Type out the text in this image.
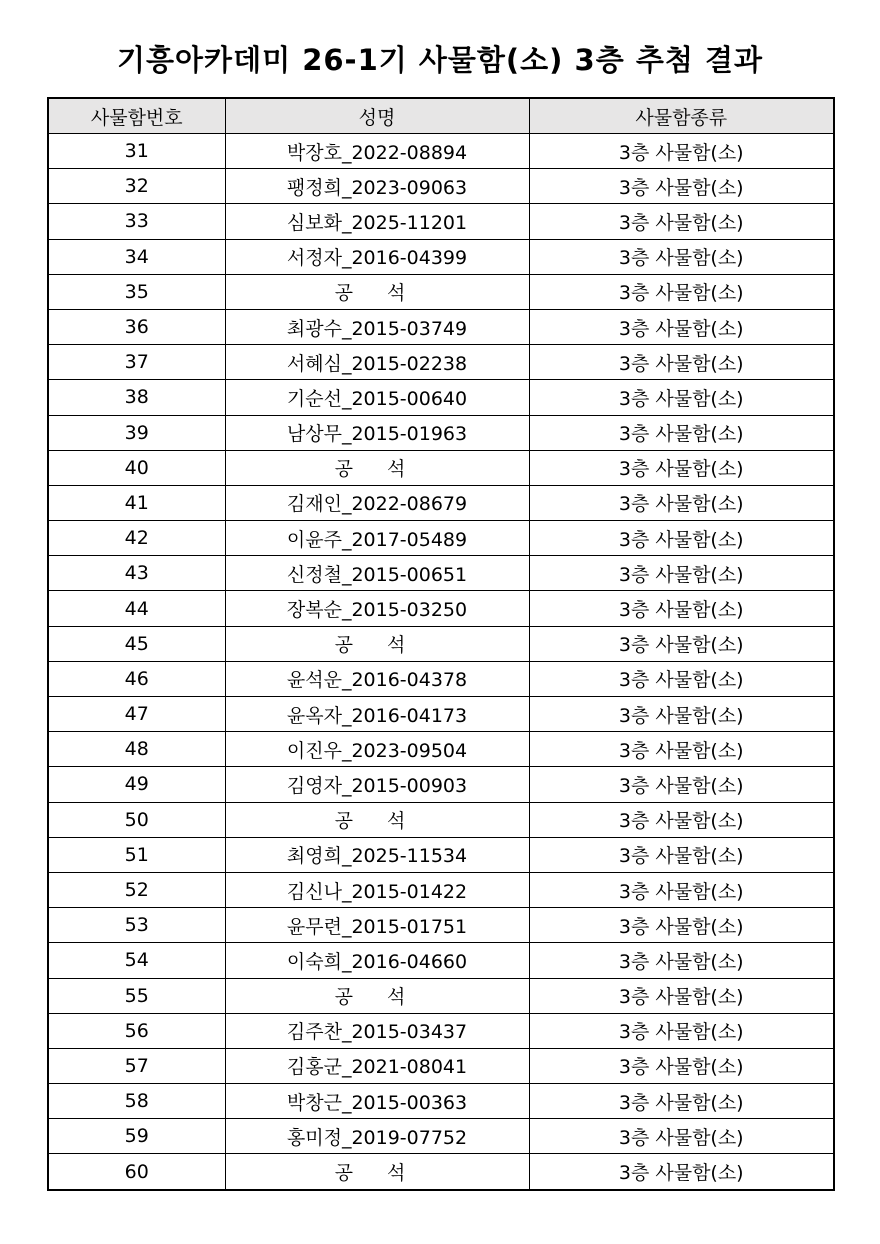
기흥아카데미 26-1기 사물함(소) 3층 추첨 결과
사물함번호	성명	사물함종류
31	박장호_2022-08894	3층 사물함(소)
32	팽정희_2023-09063	3층 사물함(소)
33	심보화_2025-11201	3층 사물함(소)
34	서정자_2016-04399	3층 사물함(소)
35	공 석	3층 사물함(소)
36	최광수_2015-03749	3층 사물함(소)
37	서혜심_2015-02238	3층 사물함(소)
38	기순선_2015-00640	3층 사물함(소)
39	남상무_2015-01963	3층 사물함(소)
40	공 석	3층 사물함(소)
41	김재인_2022-08679	3층 사물함(소)
42	이윤주_2017-05489	3층 사물함(소)
43	신정철_2015-00651	3층 사물함(소)
44	장복순_2015-03250	3층 사물함(소)
45	공 석	3층 사물함(소)
46	윤석운_2016-04378	3층 사물함(소)
47	윤옥자_2016-04173	3층 사물함(소)
48	이진우_2023-09504	3층 사물함(소)
49	김영자_2015-00903	3층 사물함(소)
50	공 석	3층 사물함(소)
51	최영희_2025-11534	3층 사물함(소)
52	김신나_2015-01422	3층 사물함(소)
53	윤무련_2015-01751	3층 사물함(소)
54	이숙희_2016-04660	3층 사물함(소)
55	공 석	3층 사물함(소)
56	김주찬_2015-03437	3층 사물함(소)
57	김홍군_2021-08041	3층 사물함(소)
58	박창근_2015-00363	3층 사물함(소)
59	홍미정_2019-07752	3층 사물함(소)
60	공 석	3층 사물함(소)
